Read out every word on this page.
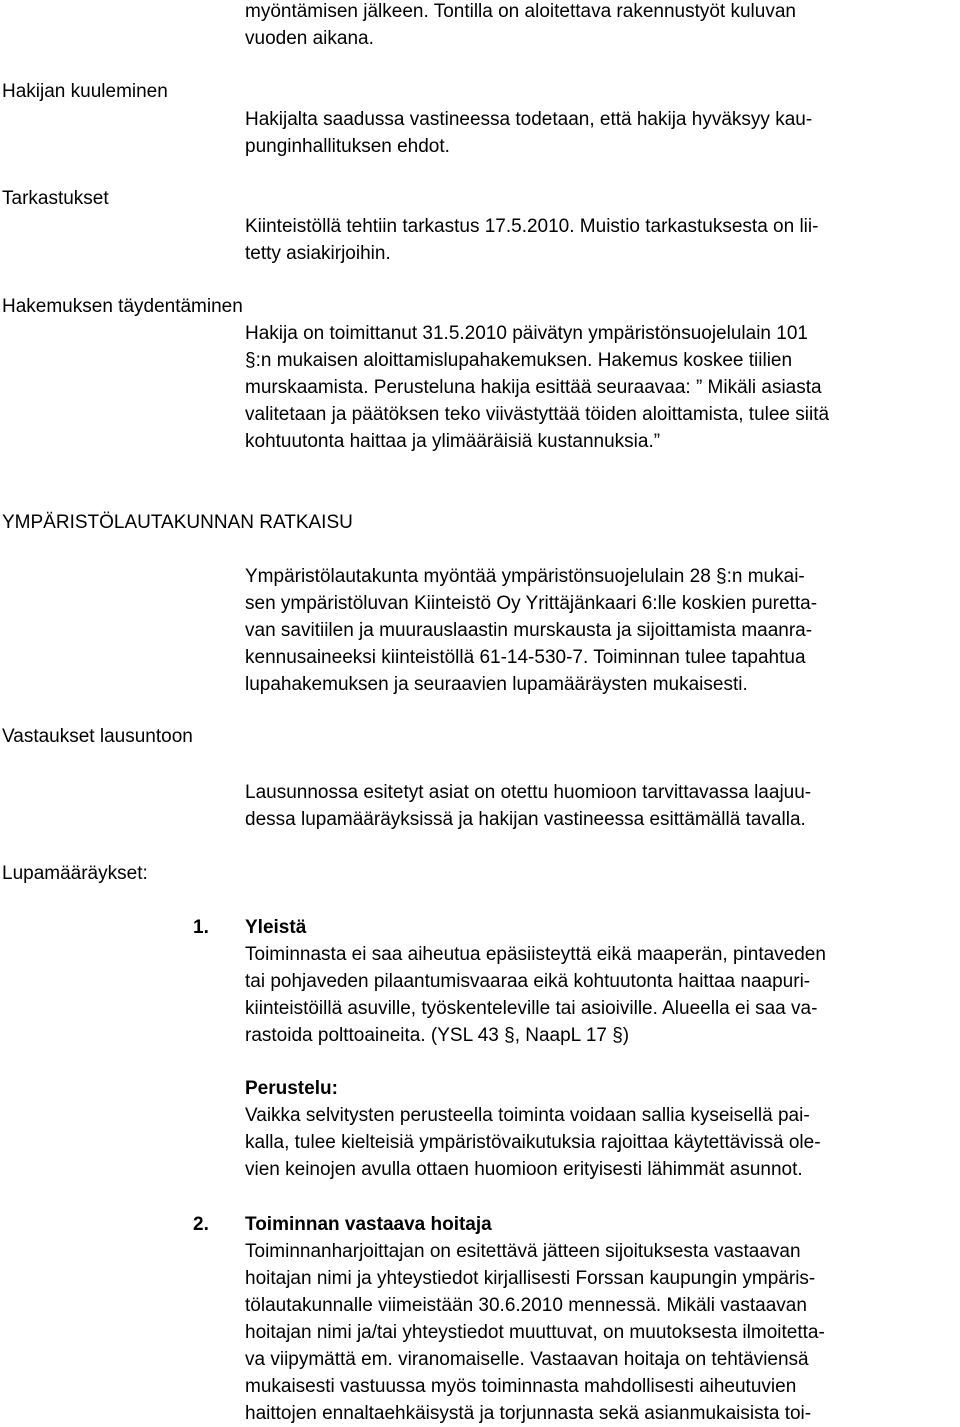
myöntämisen jälkeen. Tontilla on aloitettava rakennustyöt kuluvan
vuoden aikana.
Hakijan kuuleminen
Hakijalta saadussa vastineessa todetaan, että hakija hyväksyy kau-
punginhallituksen ehdot.
Tarkastukset
Kiinteistöllä tehtiin tarkastus 17.5.2010. Muistio tarkastuksesta on lii-
tetty asiakirjoihin.
Hakemuksen täydentäminen
Hakija on toimittanut 31.5.2010 päivätyn ympäristönsuojelulain 101
§:n mukaisen aloittamislupahakemuksen. Hakemus koskee tiilien
murskaamista. Perusteluna hakija esittää seuraavaa: ” Mikäli asiasta
valitetaan ja päätöksen teko viivästyttää töiden aloittamista, tulee siitä
kohtuutonta haittaa ja ylimääräisiä kustannuksia.”
YMPÄRISTÖLAUTAKUNNAN RATKAISU
Ympäristölautakunta myöntää ympäristönsuojelulain 28 §:n mukai-
sen ympäristöluvan Kiinteistö Oy Yrittäjänkaari 6:lle koskien puretta-
van savitiilen ja muurauslaastin murskausta ja sijoittamista maanra-
kennusaineeksi kiinteistöllä 61-14-530-7. Toiminnan tulee tapahtua
lupahakemuksen ja seuraavien lupamääräysten mukaisesti.
Vastaukset lausuntoon
Lausunnossa esitetyt asiat on otettu huomioon tarvittavassa laajuu-
dessa lupamääräyksissä ja hakijan vastineessa esittämällä tavalla.
Lupamääräykset:
1. Yleistä
Toiminnasta ei saa aiheutua epäsiisteyttä eikä maaperän, pintaveden
tai pohjaveden pilaantumisvaaraa eikä kohtuutonta haittaa naapuri-
kiinteistöillä asuville, työskenteleville tai asioiville. Alueella ei saa va-
rastoida polttoaineita. (YSL 43 §, NaapL 17 §)
Perustelu:
Vaikka selvitysten perusteella toiminta voidaan sallia kyseisellä pai-
kalla, tulee kielteisiä ympäristövaikutuksia rajoittaa käytettävissä ole-
vien keinojen avulla ottaen huomioon erityisesti lähimmät asunnot.
2. Toiminnan vastaava hoitaja
Toiminnanharjoittajan on esitettävä jätteen sijoituksesta vastaavan
hoitajan nimi ja yhteystiedot kirjallisesti Forssan kaupungin ympäris-
tölautakunnalle viimeistään 30.6.2010 mennessä. Mikäli vastaavan
hoitajan nimi ja/tai yhteystiedot muuttuvat, on muutoksesta ilmoitetta-
va viipymättä em. viranomaiselle. Vastaavan hoitaja on tehtäviensä
mukaisesti vastuussa myös toiminnasta mahdollisesti aiheutuvien
haittojen ennaltaehkäisystä ja torjunnasta sekä asianmukaisista toi-
